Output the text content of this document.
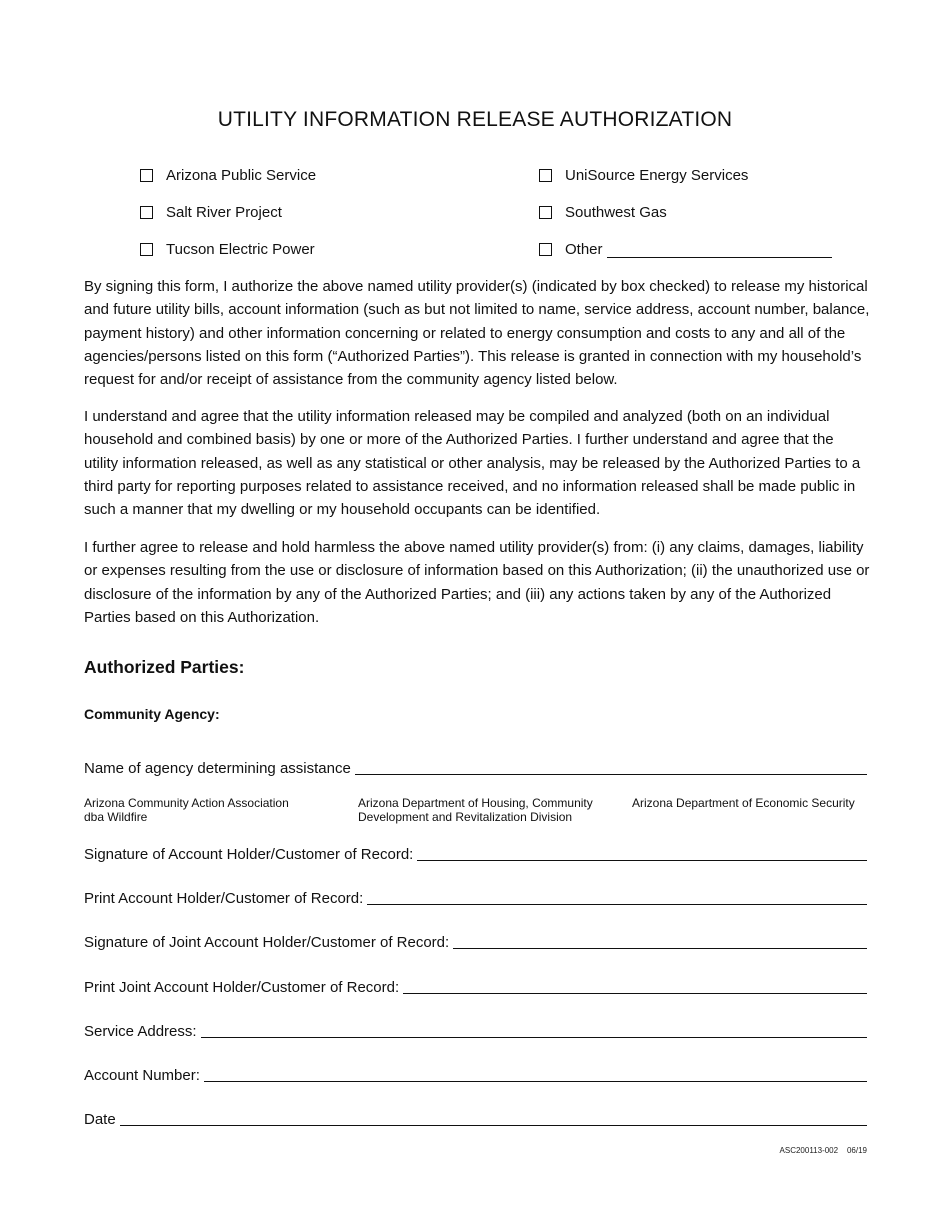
UTILITY INFORMATION RELEASE AUTHORIZATION
Arizona Public Service	UniSource Energy Services
Salt River Project	Southwest Gas
Tucson Electric Power	Other

By signing this form, I authorize the above named utility provider(s) (indicated by box checked) to release my historical and future utility bills, account information (such as but not limited to name, service address, account number, balance, payment history) and other information concerning or related to energy consumption and costs to any and all of the agencies/persons listed on this form (“Authorized Parties”). This release is granted in connection with my household’s request for and/or receipt of assistance from the community agency listed below.

I understand and agree that the utility information released may be compiled and analyzed (both on an individual household and combined basis) by one or more of the Authorized Parties. I further understand and agree that the utility information released, as well as any statistical or other analysis, may be released by the Authorized Parties to a third party for reporting purposes related to assistance received, and no information released shall be made public in such a manner that my dwelling or my household occupants can be identified.

I further agree to release and hold harmless the above named utility provider(s) from: (i) any claims, damages, liability or expenses resulting from the use or disclosure of information based on this Authorization; (ii) the unauthorized use or disclosure of the information by any of the Authorized Parties; and (iii) any actions taken by any of the Authorized Parties based on this Authorization.

Authorized Parties:
Community Agency:
Name of agency determining assistance
Arizona Community Action Association
dba Wildfire
Arizona Department of Housing, Community
Development and Revitalization Division
Arizona Department of Economic Security
Signature of Account Holder/Customer of Record:
Print Account Holder/Customer of Record:
Signature of Joint Account Holder/Customer of Record:
Print Joint Account Holder/Customer of Record:
Service Address:
Account Number:
Date
ASC200113-002 06/19
